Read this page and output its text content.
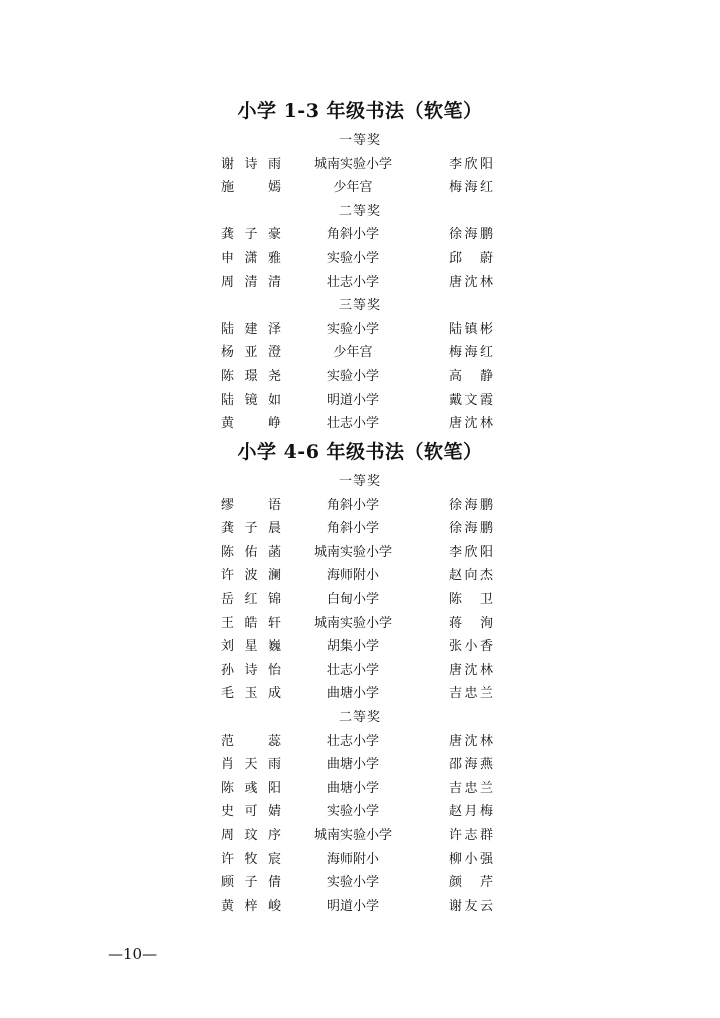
小学 1-3 年级书法（软笔）
一等奖
谢诗雨	城南实验小学	李欣阳
施　嫣	少年宫	梅海红
二等奖
龚子豪	角斜小学	徐海鹏
申潇雅	实验小学	邱　蔚
周清清	壮志小学	唐沈林
三等奖
陆建泽	实验小学	陆镇彬
杨亚澄	少年宫	梅海红
陈璟尧	实验小学	高　静
陆镜如	明道小学	戴文霞
黄　峥	壮志小学	唐沈林
小学 4-6 年级书法（软笔）
一等奖
缪　语	角斜小学	徐海鹏
龚子晨	角斜小学	徐海鹏
陈佑菡	城南实验小学	李欣阳
许波澜	海师附小	赵向杰
岳红锦	白甸小学	陈　卫
王皓轩	城南实验小学	蒋　洵
刘星巍	胡集小学	张小香
孙诗怡	壮志小学	唐沈林
毛玉成	曲塘小学	吉忠兰
二等奖
范　蕊	壮志小学	唐沈林
肖天雨	曲塘小学	邵海燕
陈彧阳	曲塘小学	吉忠兰
史可婧	实验小学	赵月梅
周玟序	城南实验小学	许志群
许牧宸	海师附小	柳小强
顾子倩	实验小学	颜　芹
黄梓峻	明道小学	谢友云
—10—
